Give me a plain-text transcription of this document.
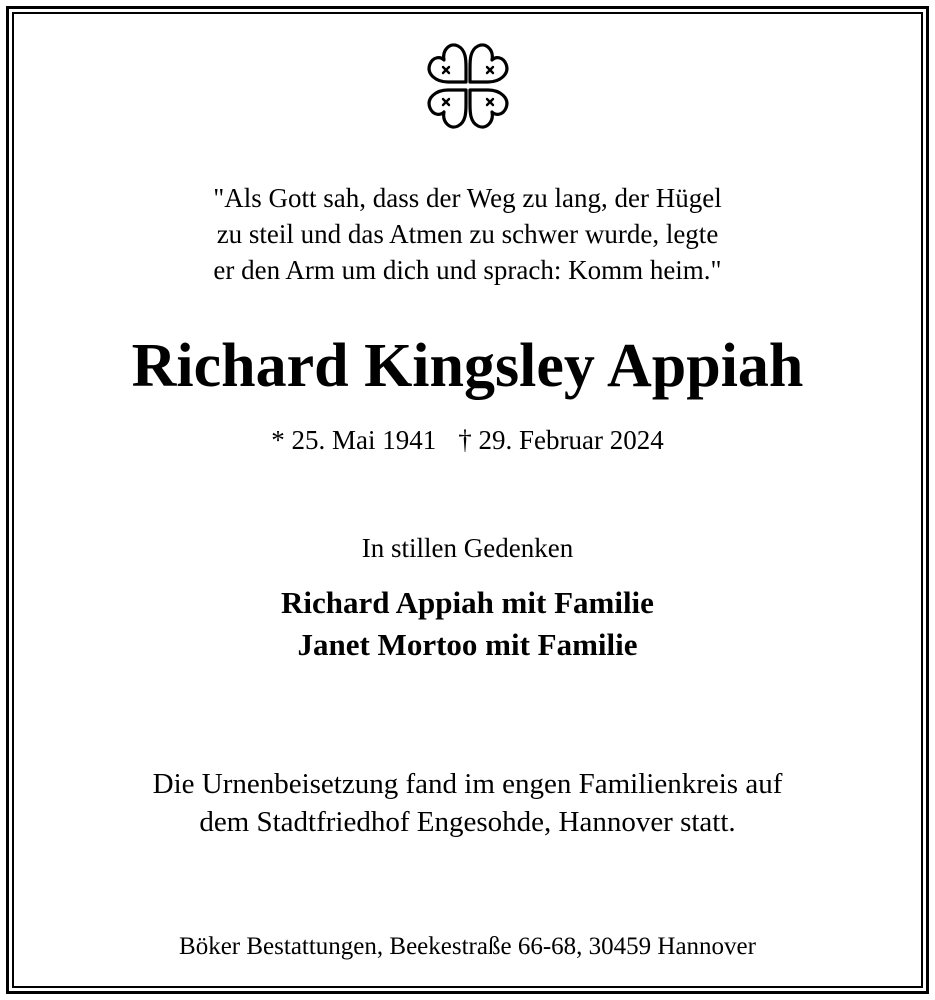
"Als Gott sah, dass der Weg zu lang, der Hügel
zu steil und das Atmen zu schwer wurde, legte
er den Arm um dich und sprach: Komm heim."
Richard Kingsley Appiah
* 25. Mai 1941 † 29. Februar 2024
In stillen Gedenken
Richard Appiah mit Familie
Janet Mortoo mit Familie
Die Urnenbeisetzung fand im engen Familienkreis auf
dem Stadtfriedhof Engesohde, Hannover statt.
Böker Bestattungen, Beekestraße 66-68, 30459 Hannover
